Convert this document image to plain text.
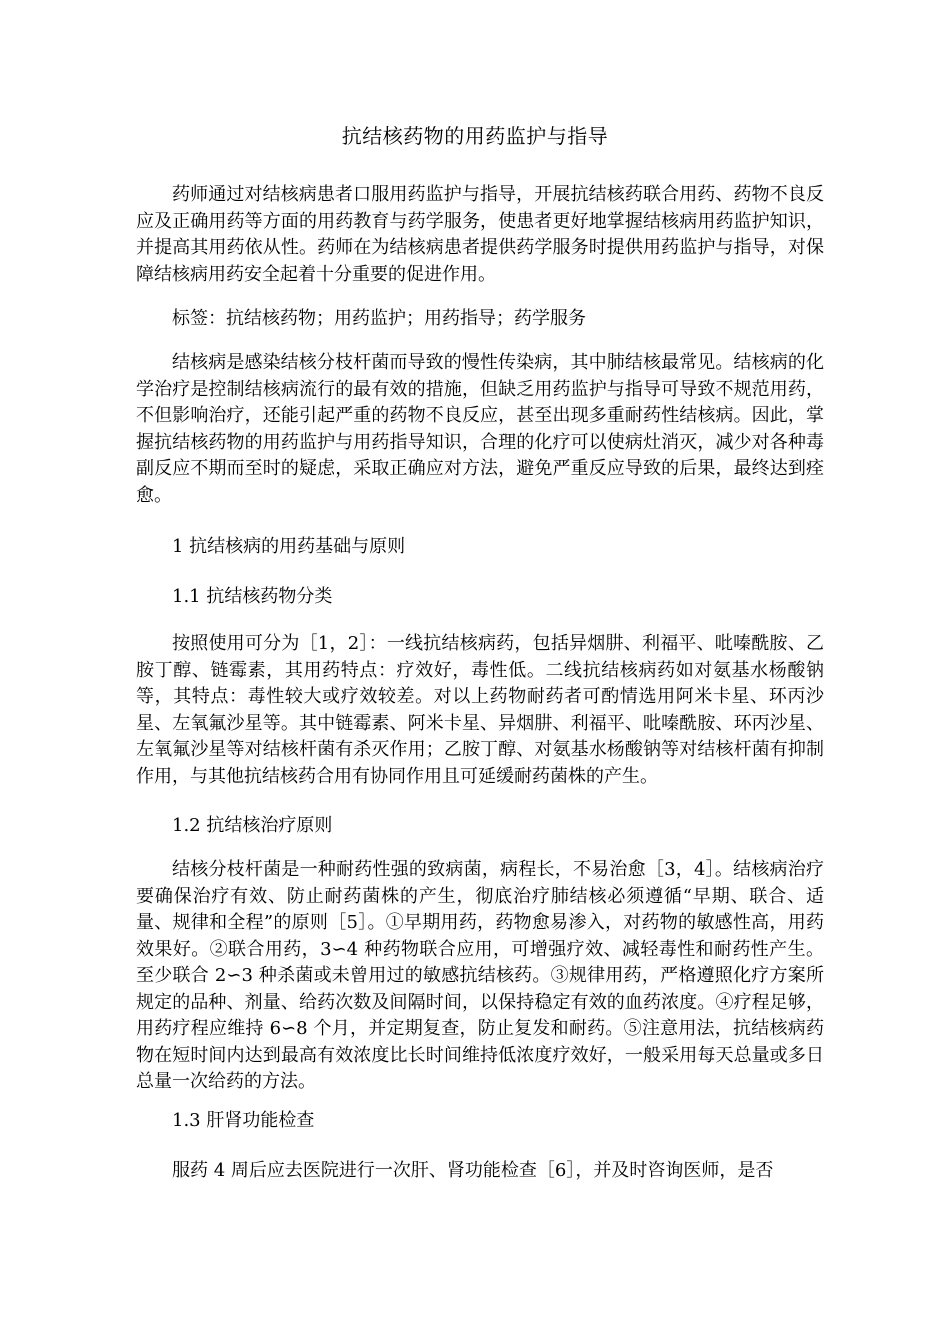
抗结核药物的用药监护与指导

药师通过对结核病患者口服用药监护与指导，开展抗结核药联合用药、药物不良反应及正确用药等方面的用药教育与药学服务，使患者更好地掌握结核病用药监护知识，并提高其用药依从性。药师在为结核病患者提供药学服务时提供用药监护与指导，对保障结核病用药安全起着十分重要的促进作用。

标签：抗结核药物；用药监护；用药指导；药学服务

结核病是感染结核分枝杆菌而导致的慢性传染病，其中肺结核最常见。结核病的化学治疗是控制结核病流行的最有效的措施，但缺乏用药监护与指导可导致不规范用药，不但影响治疗，还能引起严重的药物不良反应，甚至出现多重耐药性结核病。因此，掌握抗结核药物的用药监护与用药指导知识，合理的化疗可以使病灶消灭，减少对各种毒副反应不期而至时的疑虑，采取正确应对方法，避免严重反应导致的后果，最终达到痊愈。

1 抗结核病的用药基础与原则

1.1 抗结核药物分类

按照使用可分为［1，2］：一线抗结核病药，包括异烟肼、利福平、吡嗪酰胺、乙胺丁醇、链霉素，其用药特点：疗效好，毒性低。二线抗结核病药如对氨基水杨酸钠等，其特点：毒性较大或疗效较差。对以上药物耐药者可酌情选用阿米卡星、环丙沙星、左氧氟沙星等。其中链霉素、阿米卡星、异烟肼、利福平、吡嗪酰胺、环丙沙星、左氧氟沙星等对结核杆菌有杀灭作用；乙胺丁醇、对氨基水杨酸钠等对结核杆菌有抑制作用，与其他抗结核药合用有协同作用且可延缓耐药菌株的产生。

1.2 抗结核治疗原则

结核分枝杆菌是一种耐药性强的致病菌，病程长，不易治愈［3，4］。结核病治疗要确保治疗有效、防止耐药菌株的产生，彻底治疗肺结核必须遵循“早期、联合、适量、规律和全程”的原则［5］。①早期用药，药物愈易渗入，对药物的敏感性高，用药效果好。②联合用药，3∽4 种药物联合应用，可增强疗效、减轻毒性和耐药性产生。至少联合 2∽3 种杀菌或未曾用过的敏感抗结核药。③规律用药，严格遵照化疗方案所规定的品种、剂量、给药次数及间隔时间，以保持稳定有效的血药浓度。④疗程足够，用药疗程应维持 6∽8 个月，并定期复查，防止复发和耐药。⑤注意用法，抗结核病药物在短时间内达到最高有效浓度比长时间维持低浓度疗效好，一般采用每天总量或多日总量一次给药的方法。

1.3 肝肾功能检查

服药 4 周后应去医院进行一次肝、肾功能检查［6］，并及时咨询医师，是否
